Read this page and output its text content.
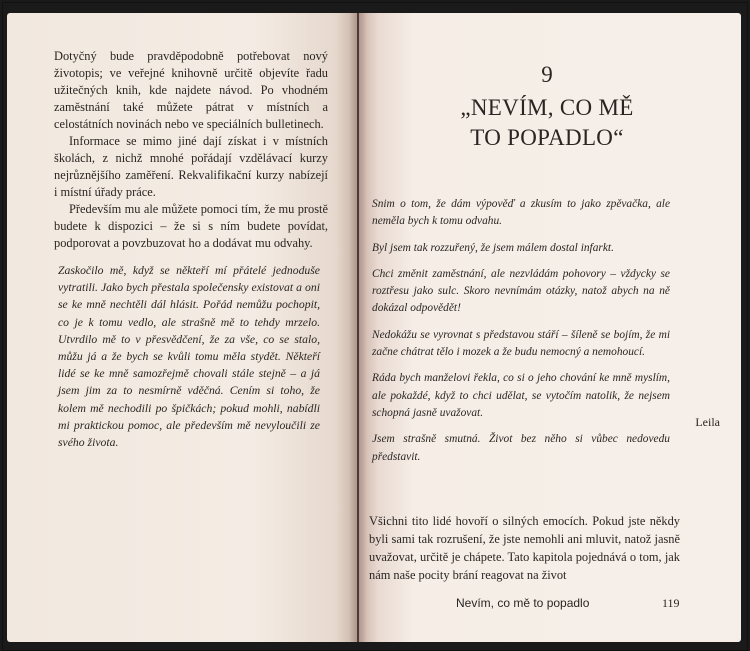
Dotyčný bude pravděpodobně potřebovat nový životopis; ve veřejné knihovně určitě objevíte řadu užitečných knih, kde najdete návod. Po vhodném zaměstnání také můžete pátrat v místních a celostátních novinách nebo ve speciálních bulletinech.

Informace se mimo jiné dají získat i v místních školách, z nichž mnohé pořádají vzdělávací kurzy nejrůznějšího zaměření. Rekvalifikační kurzy nabízejí i místní úřady práce.

Především mu ale můžete pomoci tím, že mu prostě budete k dispozici – že si s ním budete povídat, podporovat a povzbuzovat ho a dodávat mu odvahy.

Zaskočilo mě, když se někteří mí přátelé jednoduše vytratili. Jako bych přestala společensky existovat a oni se ke mně nechtěli dál hlásit. Pořád nemůžu pochopit, co je k tomu vedlo, ale strašně mě to tehdy mrzelo. Utvrdilo mě to v přesvědčení, že za vše, co se stalo, můžu já a že bych se kvůli tomu měla stydět. Někteří lidé se ke mně samozřejmě chovali stále stejně – a já jsem jim za to nesmírně vděčná. Cením si toho, že kolem mě nechodili po špičkách; pokud mohli, nabídli mi praktickou pomoc, ale především mě nevyloučili ze svého života.
Leila
9
„NEVÍM, CO MĚ
TO POPADLO“

Snim o tom, že dám výpověď a zkusím to jako zpěvačka, ale neměla bych k tomu odvahu.

Byl jsem tak rozzuřený, že jsem málem dostal infarkt.

Chci změnit zaměstnání, ale nezvládám pohovory – vždycky se roztřesu jako sulc. Skoro nevnímám otázky, natož abych na ně dokázal odpovědět!

Nedokážu se vyrovnat s představou stáří – šíleně se bojím, že mi začne chátrat tělo i mozek a že budu nemocný a nemohoucí.

Ráda bych manželovi řekla, co si o jeho chování ke mně myslím, ale pokaždé, když to chci udělat, se vytočím natolik, že nejsem schopná jasně uvažovat.

Jsem strašně smutná. Život bez něho si vůbec nedovedu představit.

Všichni tito lidé hovoří o silných emocích. Pokud jste někdy byli sami tak rozrušení, že jste nemohli ani mluvit, natož jasně uvažovat, určitě je chápete. Tato kapitola pojednává o tom, jak nám naše pocity brání reagovat na život
Nevím, co mě to popadlo	119
